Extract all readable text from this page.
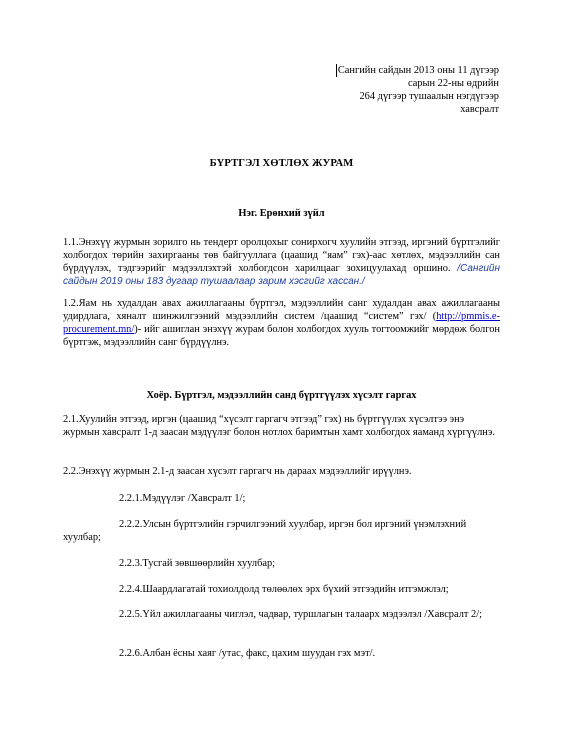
Сангийн сайдын 2013 оны 11 дүгээр
сарын 22-ны өдрийн
264 дүгээр тушаалын нэгдүгээр
хавсралт
БҮРТГЭЛ ХӨТЛӨХ ЖУРАМ
Нэг. Ерөнхий зүйл
1.1.Энэхүү журмын зорилго нь тендерт оролцохыг сонирхогч хуулийн этгээд, иргэний бүртгэлийг холбогдох төрийн захиргааны төв байгууллага (цаашид “яам” гэх)-аас хөтлөх, мэдээллийн сан бүрдүүлэх, тэдгээрийг мэдээллэхтэй холбогдсон харилцааг зохицуулахад оршино. /Сангийн сайдын 2019 оны 183 дугаар тушаалаар зарим хэсгийг хассан./
1.2.Яам нь худалдан авах ажиллагааны бүртгэл, мэдээллийн санг худалдан авах ажиллагааны удирдлага, хяналт шинжилгээний мэдээллийн систем /цаашид “систем” гэх/ (http://pmmis.e-procurement.mn/)- ийг ашиглан энэхүү журам болон холбогдох хууль тогтоомжийг мөрдөж болгон бүртгэж, мэдээллийн санг бүрдүүлнэ.
Хоёр. Бүртгэл, мэдээллийн санд бүртгүүлэх хүсэлт гаргах
2.1.Хуулийн этгээд, иргэн (цаашид “хүсэлт гаргагч этгээд” гэх) нь бүртгүүлэх хүсэлтээ энэ журмын хавсралт 1-д заасан мэдүүлэг болон нотлох баримтын хамт холбогдох яаманд хүргүүлнэ.
2.2.Энэхүү журмын 2.1-д заасан хүсэлт гаргагч нь дараах мэдээллийг ирүүлнэ.
2.2.1.Мэдүүлэг /Хавсралт 1/;
2.2.2.Улсын бүртгэлийн гэрчилгээний хуулбар, иргэн бол иргэний үнэмлэхний хуулбар;
2.2.3.Тусгай зөвшөөрлийн хуулбар;
2.2.4.Шаардлагатай тохиолдолд төлөөлөх эрх бүхий этгээдийн итгэмжлэл;
2.2.5.Үйл ажиллагааны чиглэл, чадвар, туршлагын талаарх мэдээлэл /Хавсралт 2/;
2.2.6.Албан ёсны хаяг /утас, факс, цахим шуудан гэх мэт/.
